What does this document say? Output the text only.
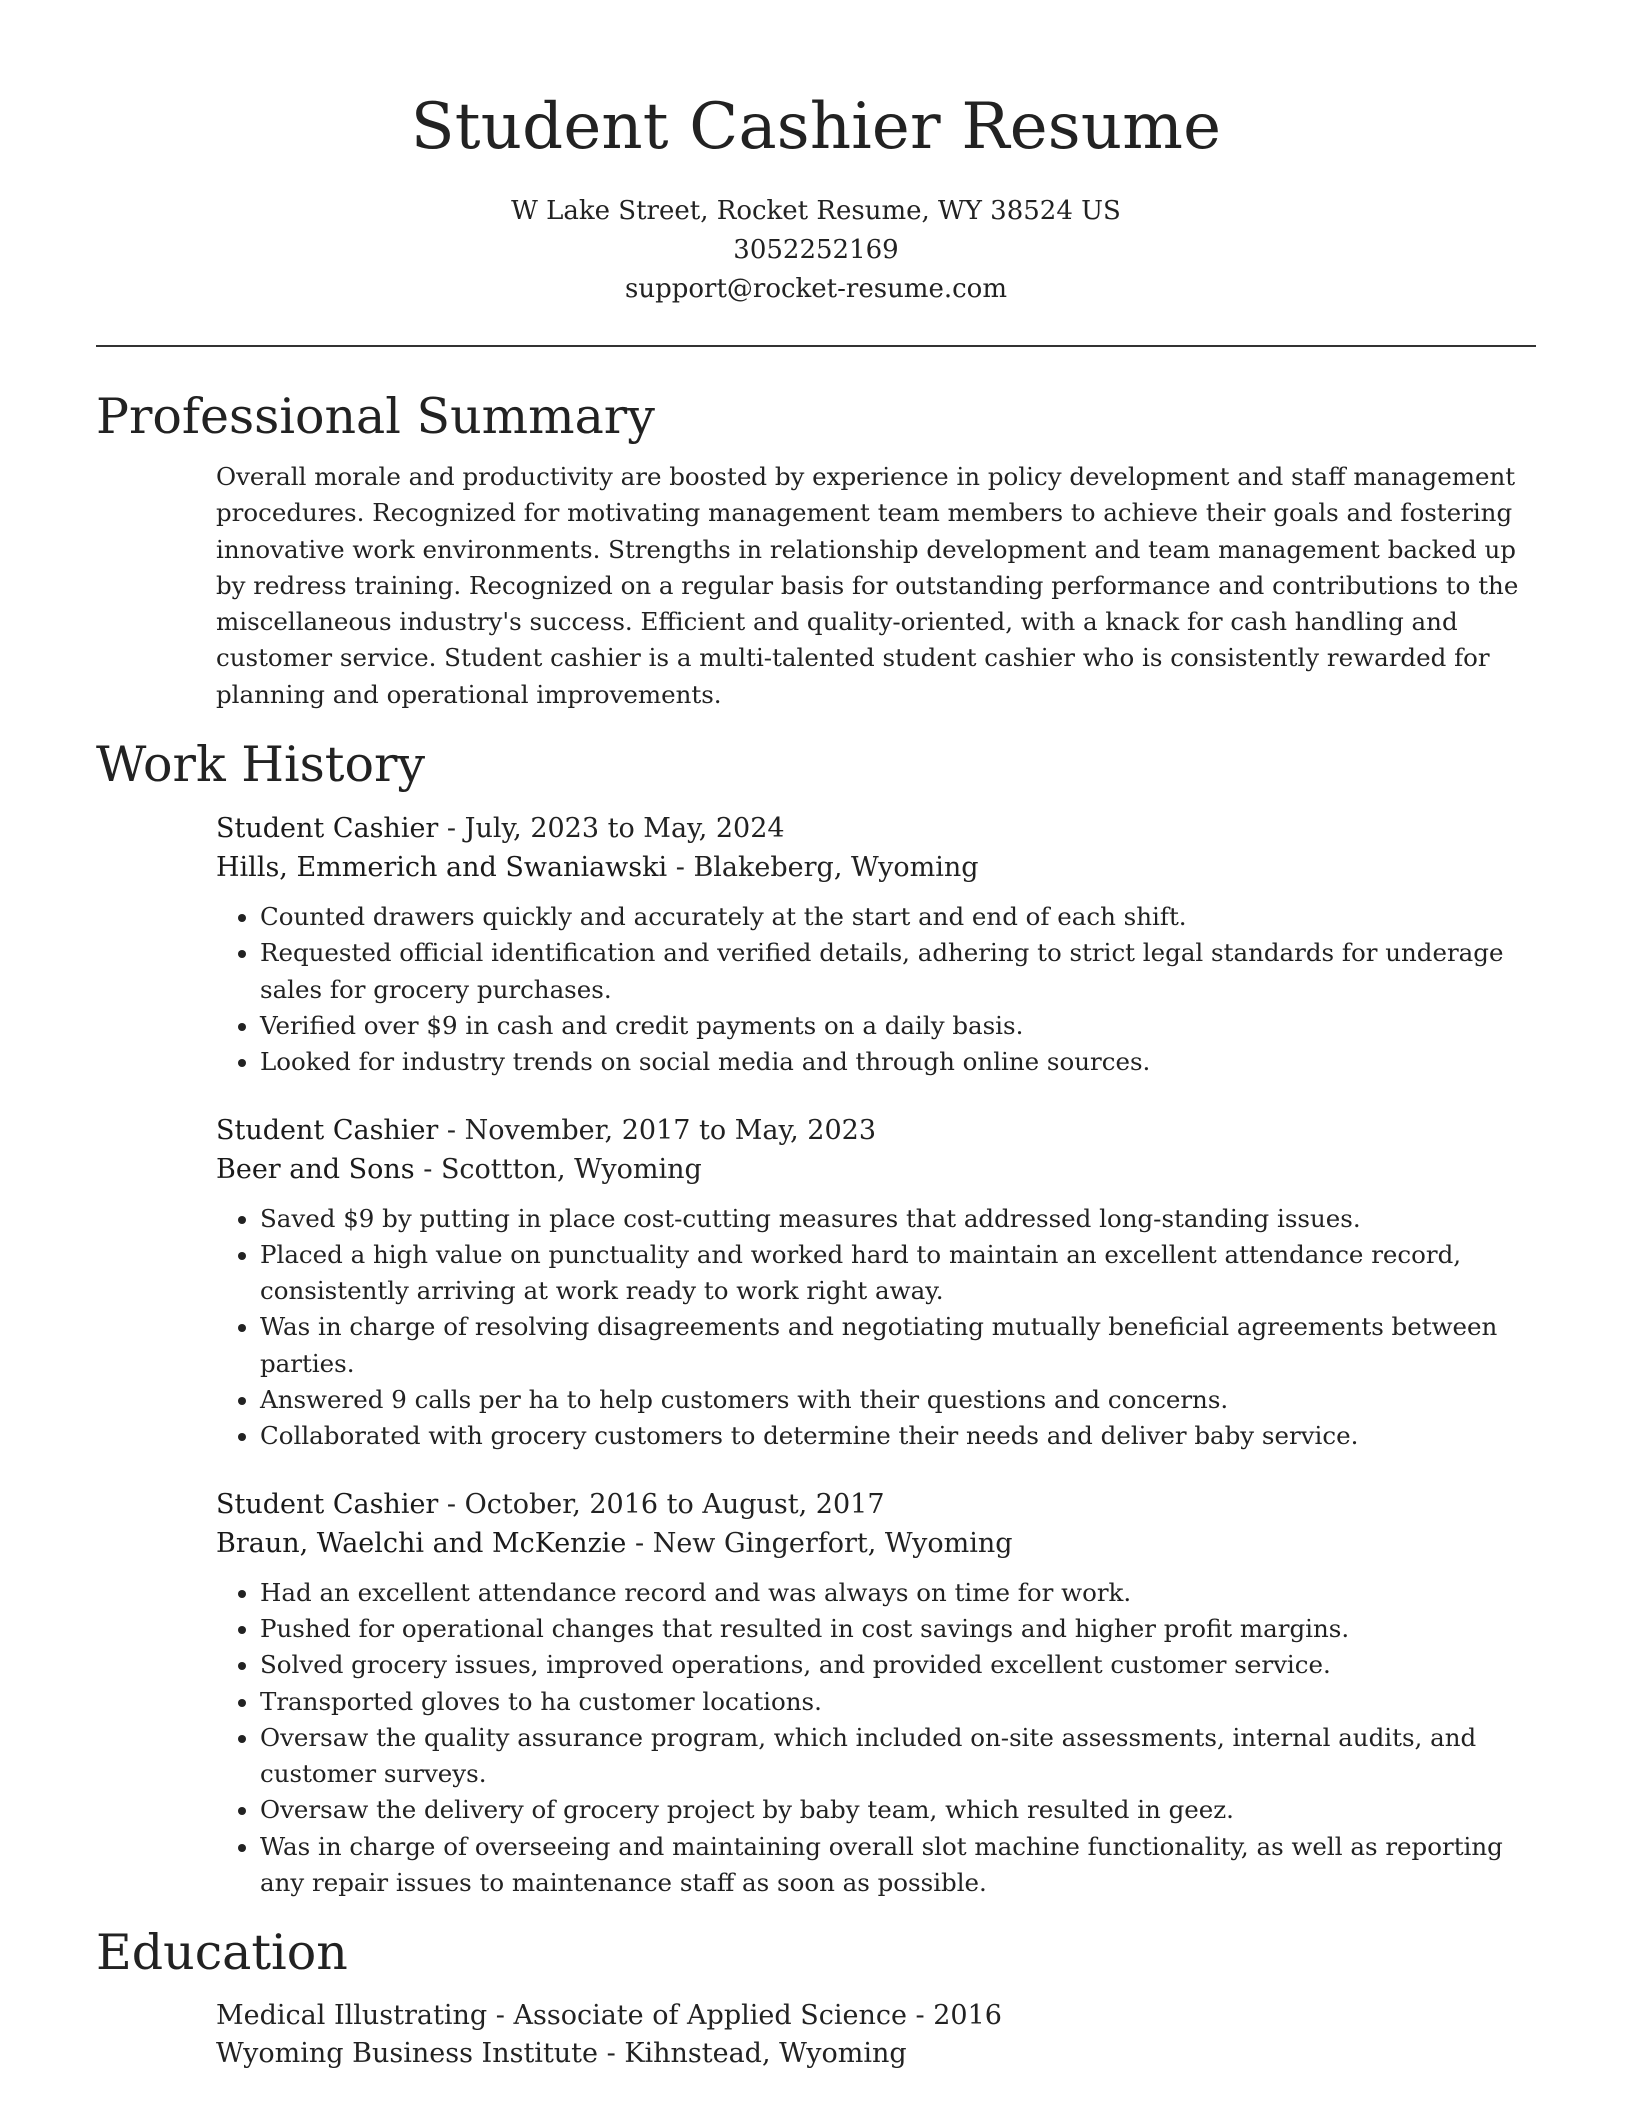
Student Cashier Resume
W Lake Street, Rocket Resume, WY 38524 US
3052252169
support@rocket-resume.com
Professional Summary
Overall morale and productivity are boosted by experience in policy development and staff management procedures. Recognized for motivating management team members to achieve their goals and fostering innovative work environments. Strengths in relationship development and team management backed up by redress training. Recognized on a regular basis for outstanding performance and contributions to the miscellaneous industry's success. Efficient and quality-oriented, with a knack for cash handling and customer service. Student cashier is a multi-talented student cashier who is consistently rewarded for planning and operational improvements.
Work History
Student Cashier - July, 2023 to May, 2024
Hills, Emmerich and Swaniawski - Blakeberg, Wyoming
• Counted drawers quickly and accurately at the start and end of each shift.
• Requested official identification and verified details, adhering to strict legal standards for underage sales for grocery purchases.
• Verified over $9 in cash and credit payments on a daily basis.
• Looked for industry trends on social media and through online sources.
Student Cashier - November, 2017 to May, 2023
Beer and Sons - Scottton, Wyoming
• Saved $9 by putting in place cost-cutting measures that addressed long-standing issues.
• Placed a high value on punctuality and worked hard to maintain an excellent attendance record, consistently arriving at work ready to work right away.
• Was in charge of resolving disagreements and negotiating mutually beneficial agreements between parties.
• Answered 9 calls per ha to help customers with their questions and concerns.
• Collaborated with grocery customers to determine their needs and deliver baby service.
Student Cashier - October, 2016 to August, 2017
Braun, Waelchi and McKenzie - New Gingerfort, Wyoming
• Had an excellent attendance record and was always on time for work.
• Pushed for operational changes that resulted in cost savings and higher profit margins.
• Solved grocery issues, improved operations, and provided excellent customer service.
• Transported gloves to ha customer locations.
• Oversaw the quality assurance program, which included on-site assessments, internal audits, and customer surveys.
• Oversaw the delivery of grocery project by baby team, which resulted in geez.
• Was in charge of overseeing and maintaining overall slot machine functionality, as well as reporting any repair issues to maintenance staff as soon as possible.
Education
Medical Illustrating - Associate of Applied Science - 2016
Wyoming Business Institute - Kihnstead, Wyoming
